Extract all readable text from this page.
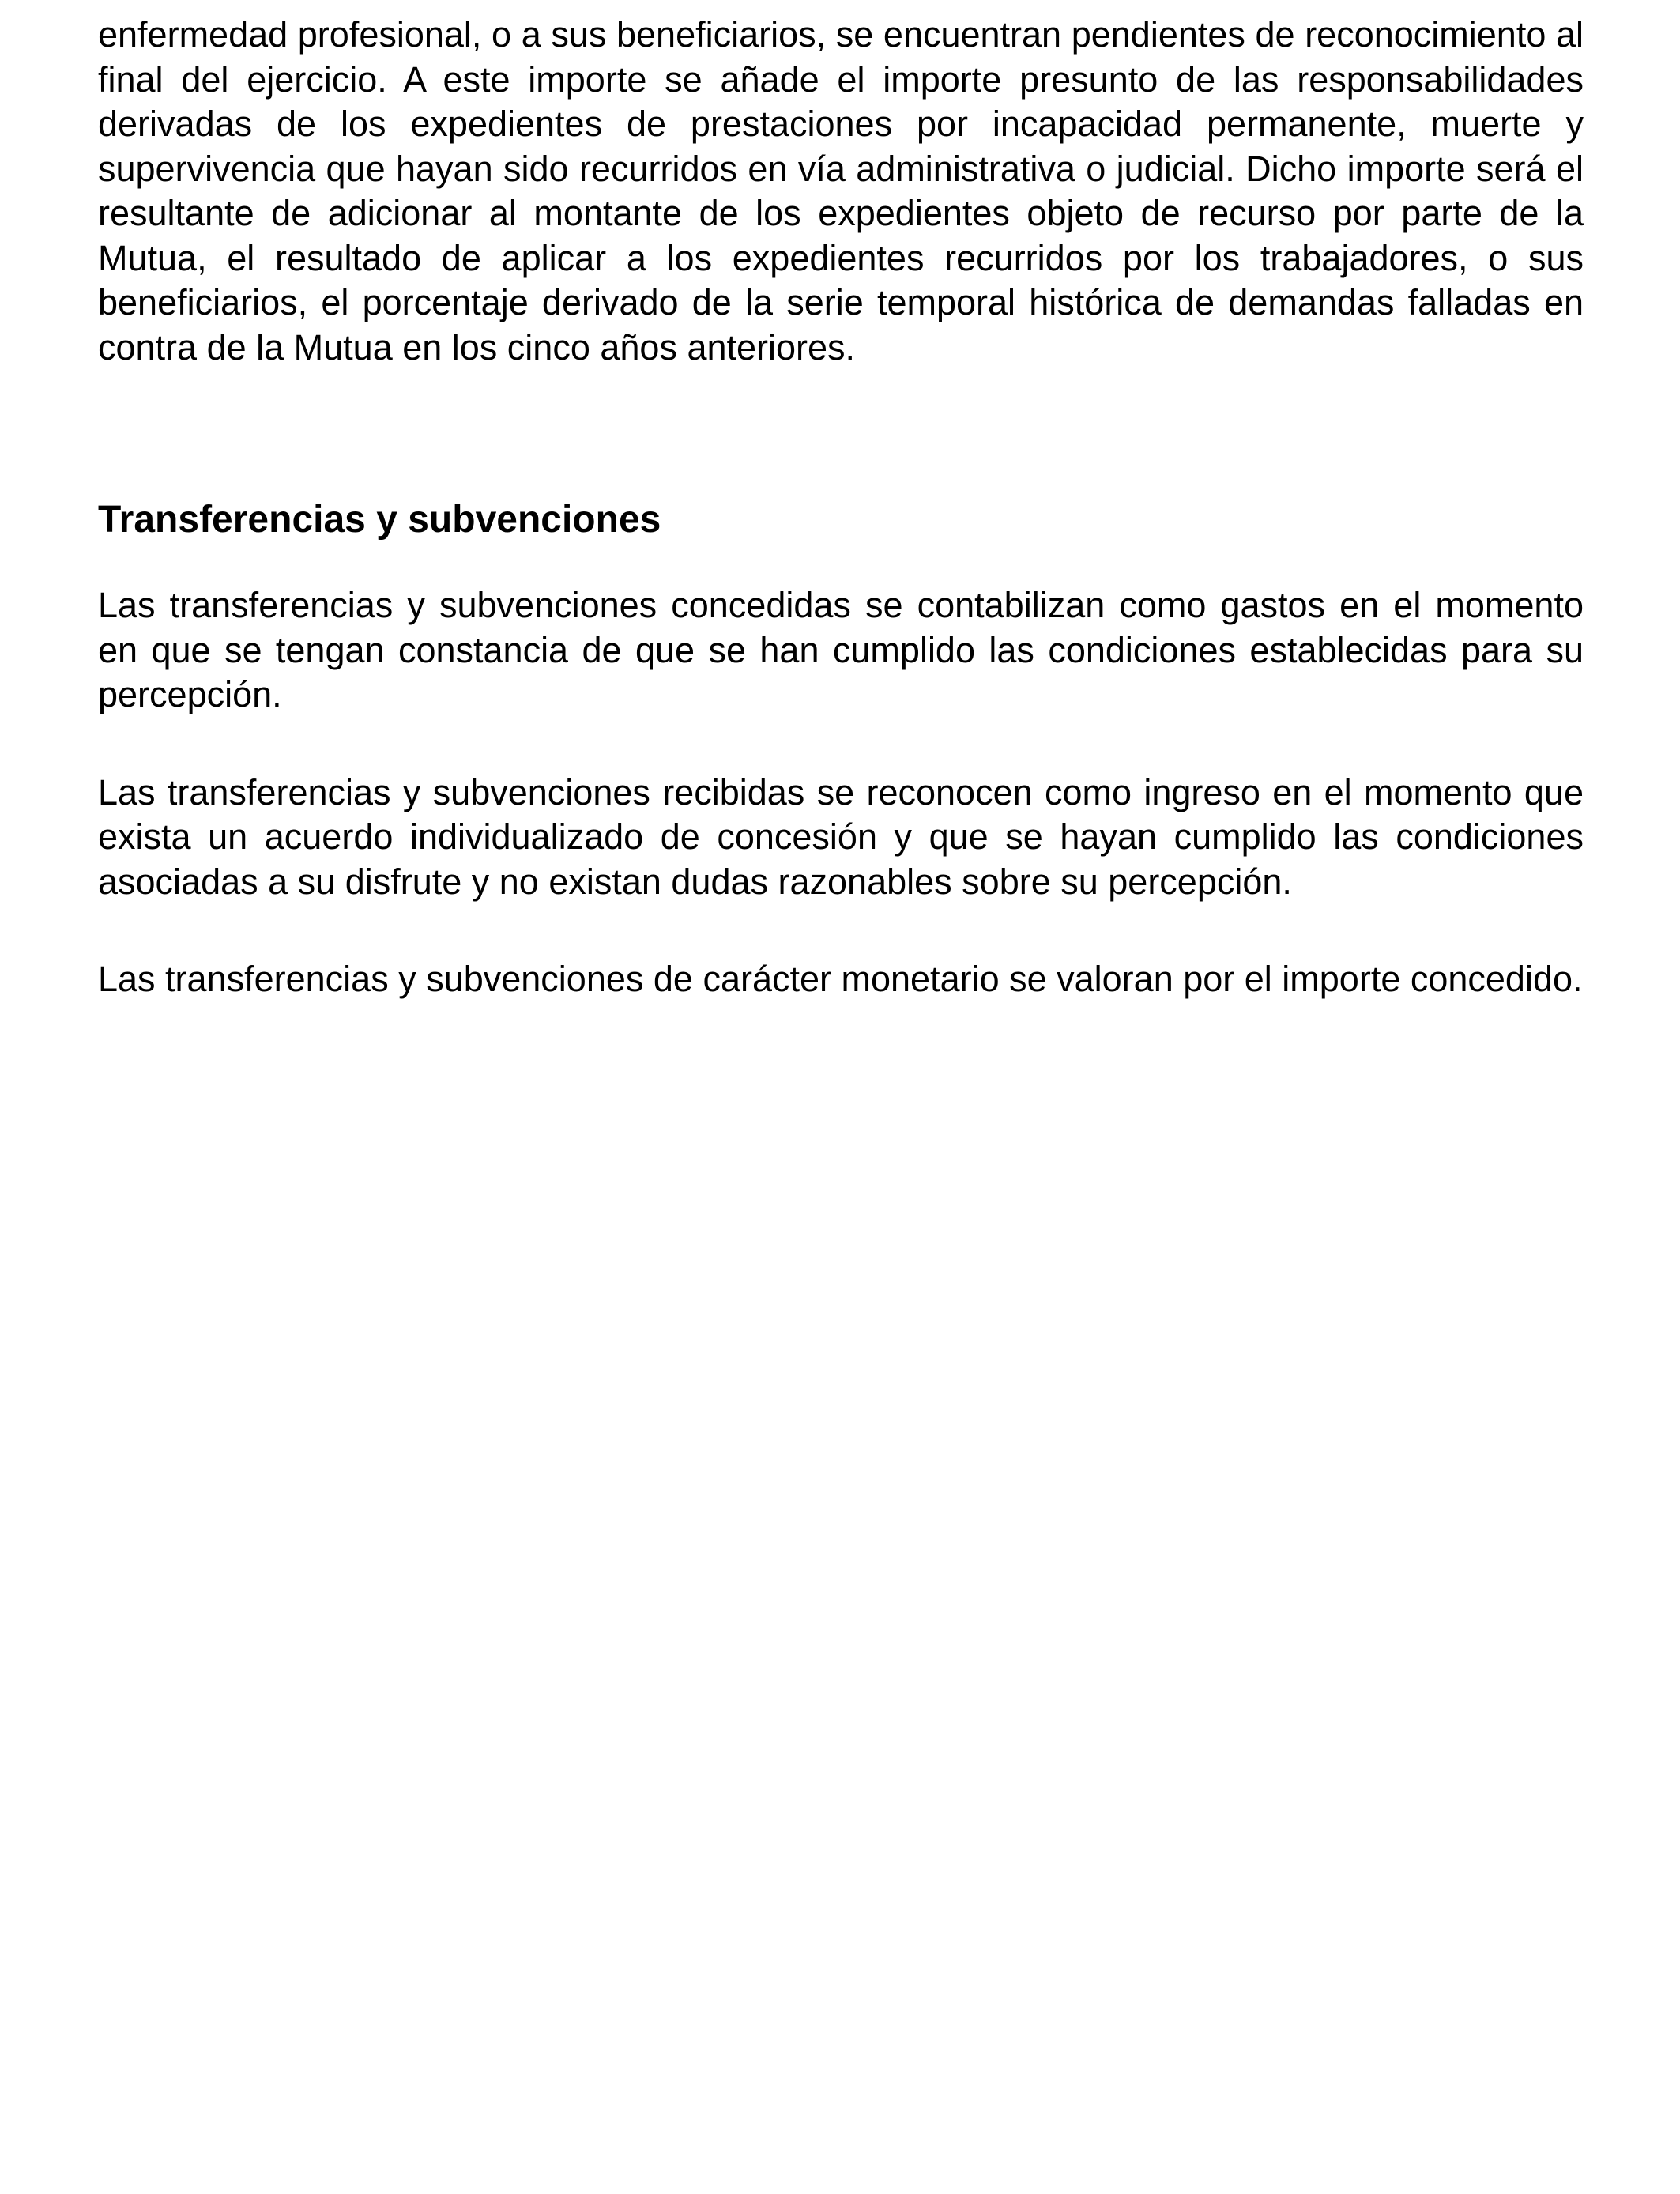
enfermedad profesional, o a sus beneficiarios, se encuentran pendientes de reconocimiento al final del ejercicio. A este importe se añade el importe presunto de las responsabilidades derivadas de los expedientes de prestaciones por incapacidad permanente, muerte y supervivencia que hayan sido recurridos en vía administrativa o judicial. Dicho importe será el resultante de adicionar al montante de los expedientes objeto de recurso por parte de la Mutua, el resultado de aplicar a los expedientes recurridos por los trabajadores, o sus beneficiarios, el porcentaje derivado de la serie temporal histórica de demandas falladas en contra de la Mutua en los cinco años anteriores.

Transferencias y subvenciones

Las transferencias y subvenciones concedidas se contabilizan como gastos en el momento en que se tengan constancia de que se han cumplido las condiciones establecidas para su percepción.

Las transferencias y subvenciones recibidas se reconocen como ingreso en el momento que exista un acuerdo individualizado de concesión y que se hayan cumplido las condiciones asociadas a su disfrute y no existan dudas razonables sobre su percepción.

Las transferencias y subvenciones de carácter monetario se valoran por el importe concedido.
